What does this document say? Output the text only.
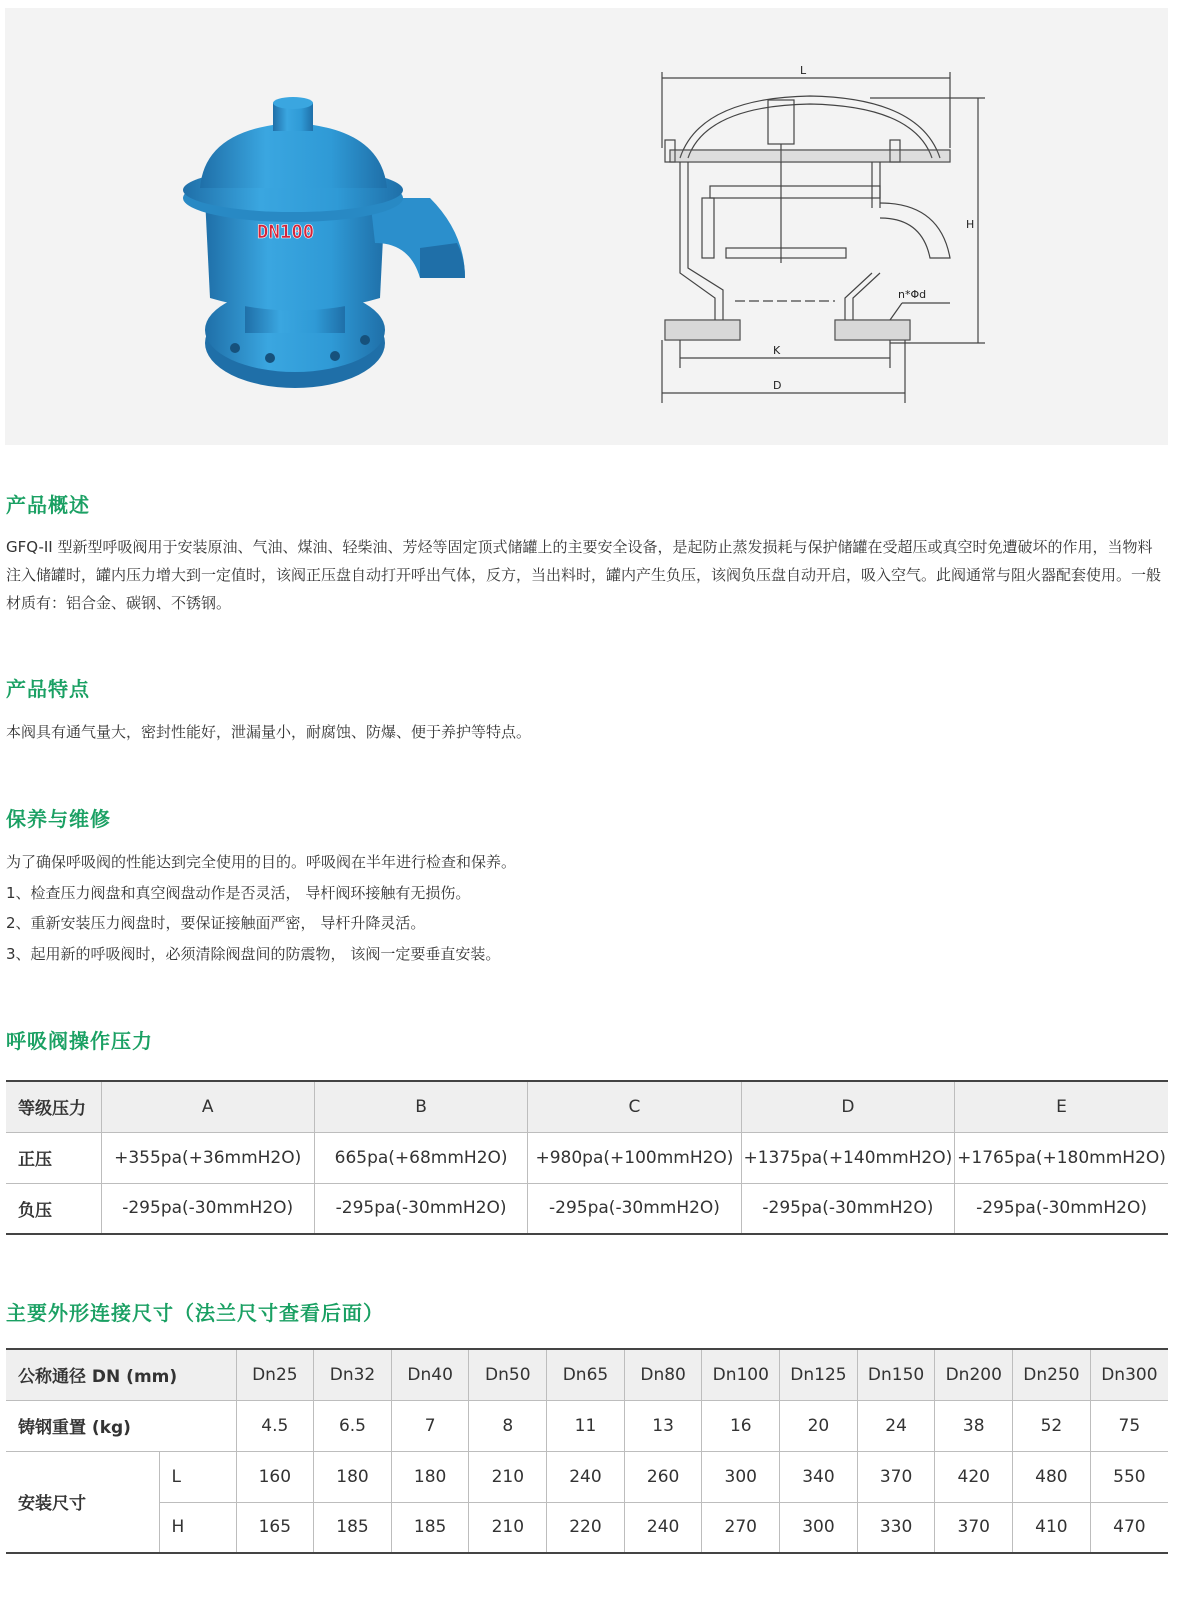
DN100
L
H
K
D
n*Φd
产品概述

GFQ-II 型新型呼吸阀用于安装原油、气油、煤油、轻柴油、芳烃等固定顶式储罐上的主要安全设备，是起防止蒸发损耗与保护储罐在受超压或真空时免遭破坏的作用，当物料注入储罐时，罐内压力增大到一定值时，该阀正压盘自动打开呼出气体，反方，当出料时，罐内产生负压，该阀负压盘自动开启，吸入空气。此阀通常与阻火器配套使用。一般材质有：铝合金、碳钢、不锈钢。

产品特点

本阀具有通气量大，密封性能好，泄漏量小，耐腐蚀、防爆、便于养护等特点。

保养与维修

为了确保呼吸阀的性能达到完全使用的目的。呼吸阀在半年进行检查和保养。

1、检查压力阀盘和真空阀盘动作是否灵活， 导杆阀环接触有无损伤。

2、重新安装压力阀盘时，要保证接触面严密， 导杆升降灵活。

3、起用新的呼吸阀时，必须清除阀盘间的防震物， 该阀一定要垂直安装。

呼吸阀操作压力
等级压力	A	B	C	D	E
正压	+355pa(+36mmH2O)	665pa(+68mmH2O)	+980pa(+100mmH2O)	+1375pa(+140mmH2O)	+1765pa(+180mmH2O)
负压	-295pa(-30mmH2O)	-295pa(-30mmH2O)	-295pa(-30mmH2O)	-295pa(-30mmH2O)	-295pa(-30mmH2O)
主要外形连接尺寸（法兰尺寸查看后面）
公称通径 DN (mm)		Dn25	Dn32	Dn40	Dn50	Dn65	Dn80	Dn100	Dn125	Dn150	Dn200	Dn250	Dn300
铸钢重置 (kg)		4.5	6.5	7	8	11	13	16	20	24	38	52	75
安装尺寸	L	160	180	180	210	240	260	300	340	370	420	480	550
	H	165	185	185	210	220	240	270	300	330	370	410	470
